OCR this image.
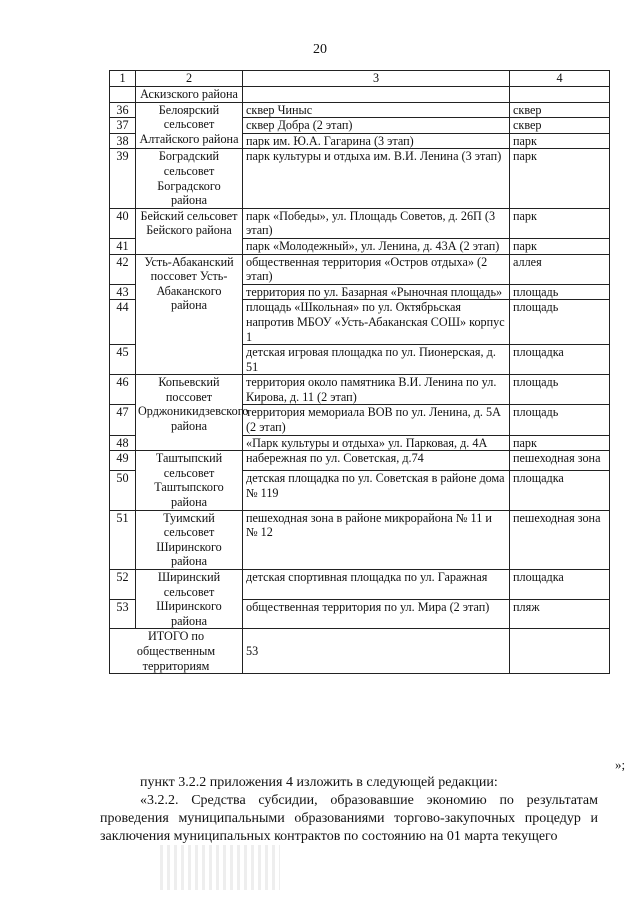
20
1	2	3	4
	Аскизского района		
36	Белоярский сельсовет Алтайского района	сквер Чиныс	сквер
37		сквер Добра (2 этап)	сквер
38		парк им. Ю.А. Гагарина (3 этап)	парк
39	Боградский сельсовет Боградского района	парк культуры и отдыха им. В.И. Ленина (3 этап)	парк
40	Бейский сельсовет Бейского района	парк «Победы», ул. Площадь Советов, д. 26П (3 этап)	парк
41		парк «Молодежный», ул. Ленина, д. 43А (2 этап)	парк
42	Усть-Абаканский поссовет Усть-Абаканского района	общественная территория «Остров отдыха» (2 этап)	аллея
43		территория по ул. Базарная «Рыночная площадь»	площадь
44		площадь «Школьная» по ул. Октябрьская напротив МБОУ «Усть-Абаканская СОШ» корпус 1	площадь
45		детская игровая площадка по ул. Пионерская, д. 51	площадка
46	Копьевский поссовет Орджоникидзевского района	территория около памятника В.И. Ленина по ул. Кирова, д. 11 (2 этап)	площадь
47		территория мемориала ВОВ по ул. Ленина, д. 5А (2 этап)	площадь
48		«Парк культуры и отдыха» ул. Парковая, д. 4А	парк
49	Таштыпский сельсовет Таштыпского района	набережная по ул. Советская, д.74	пешеходная зона
50		детская площадка по ул. Советская в районе дома № 119	площадка
51	Туимский сельсовет Ширинского района	пешеходная зона в районе микрорайона № 11 и № 12	пешеходная зона
52	Ширинский сельсовет Ширинского района	детская спортивная площадка по ул. Гаражная	площадка
53		общественная территория по ул. Мира (2 этап)	пляж
ИТОГО по общественным территориям		53	
»;
пункт 3.2.2 приложения 4 изложить в следующей редакции:
«3.2.2. Средства субсидии, образовавшие экономию по результатам проведения муниципальными образованиями торгово-закупочных процедур и заключения муниципальных контрактов по состоянию на 01 марта текущего
